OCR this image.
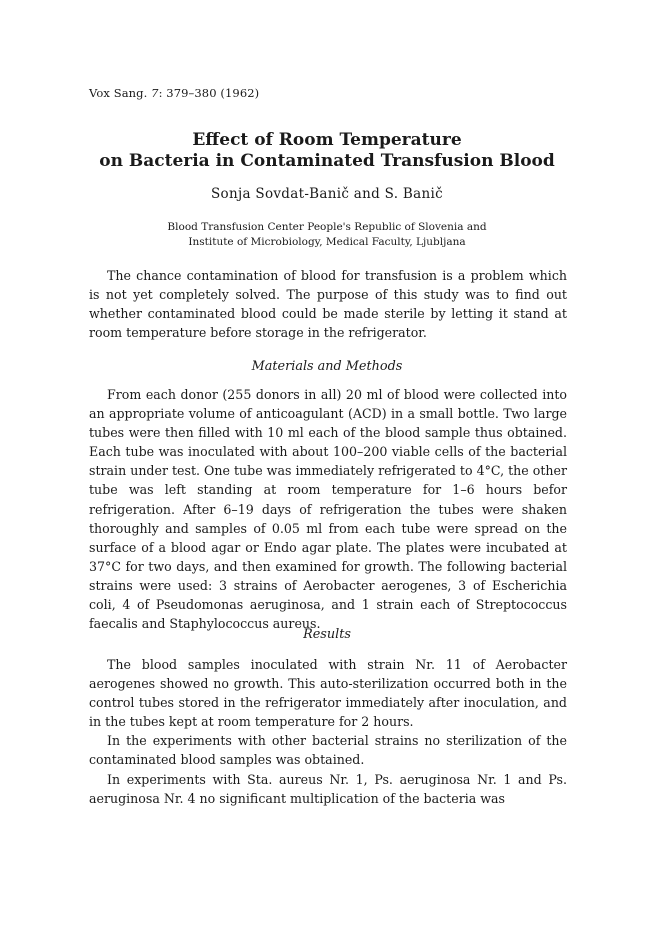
Vox Sang. 7: 379–380 (1962)
Effect of Room Temperature
on Bacteria in Contaminated Transfusion Blood
Sonja Sovdat-Banič and S. Banič
Blood Transfusion Center People's Republic of Slovenia and
Institute of Microbiology, Medical Faculty, Ljubljana

The chance contamination of blood for transfusion is a problem which is not yet completely solved. The purpose of this study was to find out whether contaminated blood could be made sterile by letting it stand at room temperature before storage in the refrigerator.

Materials and Methods

From each donor (255 donors in all) 20 ml of blood were collected into an appropriate volume of anticoagulant (ACD) in a small bottle. Two large tubes were then filled with 10 ml each of the blood sample thus obtained. Each tube was inoculated with about 100–200 viable cells of the bacterial strain under test. One tube was immediately refrigerated to 4°C, the other tube was left standing at room temperature for 1–6 hours befor refrigeration. After 6–19 days of refrigeration the tubes were shaken thoroughly and samples of 0.05 ml from each tube were spread on the surface of a blood agar or Endo agar plate. The plates were incubated at 37°C for two days, and then examined for growth. The following bacterial strains were used: 3 strains of Aerobacter aerogenes, 3 of Escherichia coli, 4 of Pseudomonas aeruginosa, and 1 strain each of Streptococcus faecalis and Staphylococcus aureus.

Results

The blood samples inoculated with strain Nr. 11 of Aerobacter aerogenes showed no growth. This auto-sterilization occurred both in the control tubes stored in the refrigerator immediately after inoculation, and in the tubes kept at room temperature for 2 hours.

In the experiments with other bacterial strains no sterilization of the contaminated blood samples was obtained.

In experiments with Sta. aureus Nr. 1, Ps. aeruginosa Nr. 1 and Ps. aeruginosa Nr. 4 no significant multiplication of the bacteria was
